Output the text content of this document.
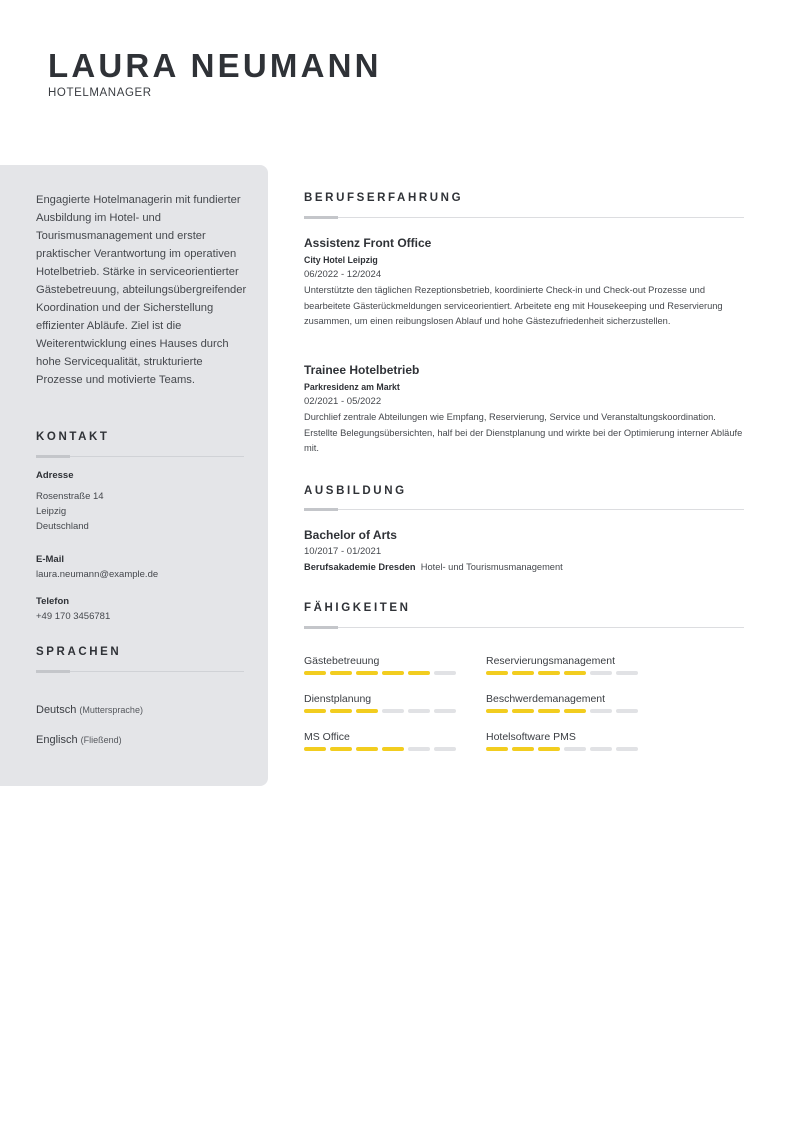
LAURA NEUMANN
HOTELMANAGER
Engagierte Hotelmanagerin mit fundierter Ausbildung im Hotel- und Tourismusmanagement und erster praktischer Verantwortung im operativen Hotelbetrieb. Stärke in serviceorientierter Gästebetreuung, abteilungsübergreifender Koordination und der Sicherstellung effizienter Abläufe. Ziel ist die Weiterentwicklung eines Hauses durch hohe Servicequalität, strukturierte Prozesse und motivierte Teams.
KONTAKT
Adresse
Rosenstraße 14
Leipzig
Deutschland
E-Mail
laura.neumann@example.de
Telefon
+49 170 3456781
SPRACHEN
Deutsch (Muttersprache)
Englisch (Fließend)
BERUFSERFAHRUNG
Assistenz Front Office
City Hotel Leipzig
06/2022 - 12/2024
Unterstützte den täglichen Rezeptionsbetrieb, koordinierte Check-in und Check-out Prozesse und bearbeitete Gästerückmeldungen serviceorientiert. Arbeitete eng mit Housekeeping und Reservierung zusammen, um einen reibungslosen Ablauf und hohe Gästezufriedenheit sicherzustellen.
Trainee Hotelbetrieb
Parkresidenz am Markt
02/2021 - 05/2022
Durchlief zentrale Abteilungen wie Empfang, Reservierung, Service und Veranstaltungskoordination. Erstellte Belegungsübersichten, half bei der Dienstplanung und wirkte bei der Optimierung interner Abläufe mit.
AUSBILDUNG
Bachelor of Arts
10/2017 - 01/2021
Berufsakademie Dresden Hotel- und Tourismusmanagement
FÄHIGKEITEN
Gästebetreuung	Reservierungsmanagement
Dienstplanung	Beschwerdemanagement
MS Office	Hotelsoftware PMS
